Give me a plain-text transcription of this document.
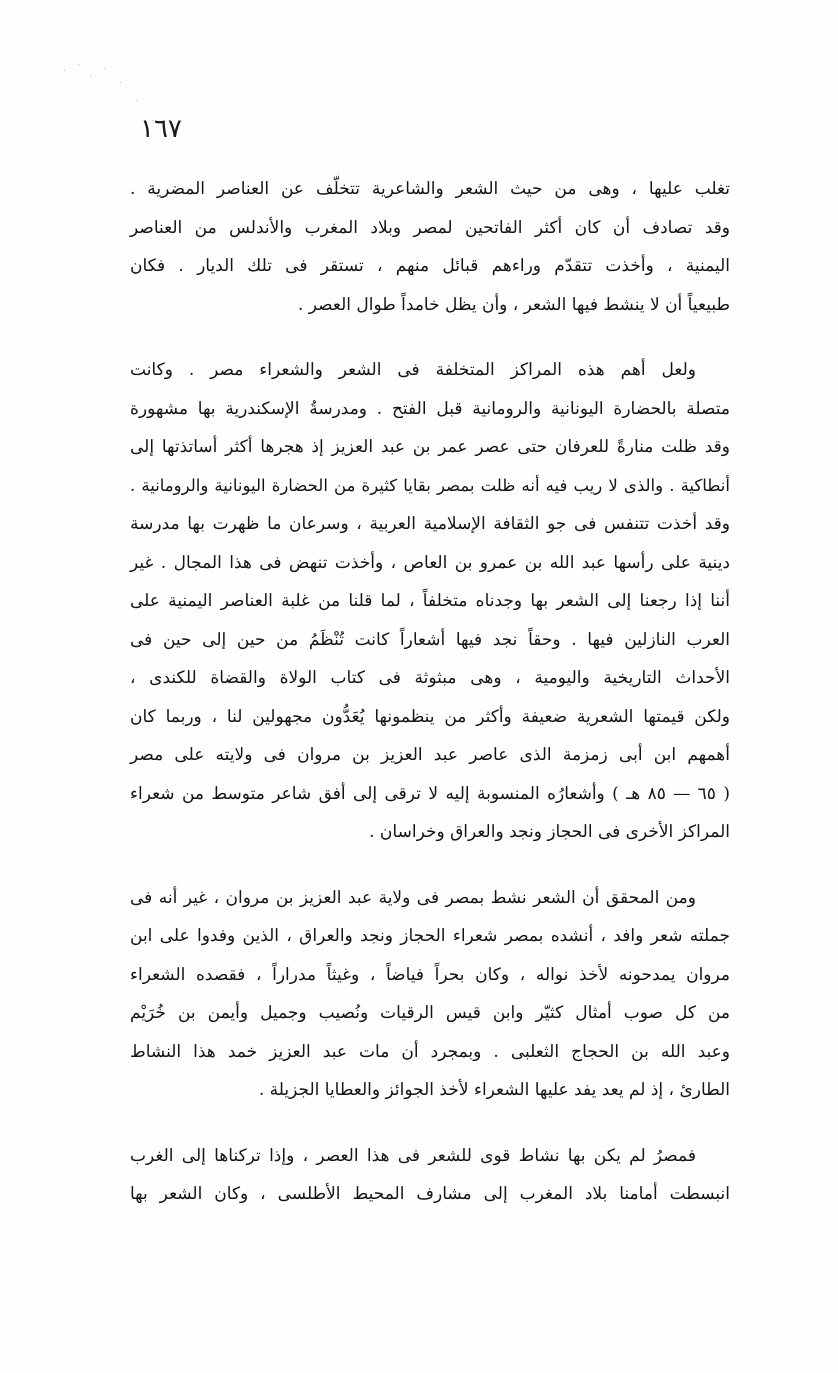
١٦٧
تغلب عليها ، وهى من حيث الشعر والشاعرية تتخلّف عن العناصر المضرية .
وقد تصادف أن كان أكثر الفاتحين لمصر وبلاد المغرب والأندلس من العناصر
اليمنية ، وأخذت تتقدّم وراءهم قبائل منهم ، تستقر فى تلك الديار . فكان
طبيعياً أن لا ينشط فيها الشعر ، وأن يظل خامداً طوال العصر .
ولعل أهم هذه المراكز المتخلفة فى الشعر والشعراء مصر . وكانت
متصلة بالحضارة اليونانية والرومانية قبل الفتح . ومدرسةُ الإسكندرية بها مشهورة
وقد ظلت منارةً للعرفان حتى عصر عمر بن عبد العزيز إذ هجرها أكثر أساتذتها إلى
أنطاكية . والذى لا ريب فيه أنه ظلت بمصر بقايا كثيرة من الحضارة اليونانية والرومانية .
وقد أخذت تتنفس فى جو الثقافة الإسلامية العربية ، وسرعان ما ظهرت بها مدرسة
دينية على رأسها عبد الله بن عمرو بن العاص ، وأخذت تنهض فى هذا المجال . غير
أننا إذا رجعنا إلى الشعر بها وجدناه متخلفاً ، لما قلنا من غلبة العناصر اليمنية على
العرب النازلين فيها . وحقاً نجد فيها أشعاراً كانت تُنْظَمُ من حين إلى حين فى
الأحداث التاريخية واليومية ، وهى مبثوثة فى كتاب الولاة والقضاة للكندى ،
ولكن قيمتها الشعرية ضعيفة وأكثر من ينظمونها يُعَدُّون مجهولين لنا ، وربما كان
أهمهم ابن أبى زمزمة الذى عاصر عبد العزيز بن مروان فى ولايته على مصر
( ٦٥ — ٨٥ هـ ) وأشعارُه المنسوبة إليه لا ترقى إلى أفق شاعر متوسط من شعراء
المراكز الأخرى فى الحجاز ونجد والعراق وخراسان .
ومن المحقق أن الشعر نشط بمصر فى ولاية عبد العزيز بن مروان ، غير أنه فى
جملته شعر وافد ، أنشده بمصر شعراء الحجاز ونجد والعراق ، الذين وفدوا على ابن
مروان يمدحونه لأخذ نواله ، وكان بحراً فياضاً ، وغيثاً مدراراً ، فقصده الشعراء
من كل صوب أمثال كثيّر وابن قيس الرقيات ونُصيب وجميل وأيمن بن خُرَيْم
وعبد الله بن الحجاج الثعلبى . وبمجرد أن مات عبد العزيز خمد هذا النشاط
الطارئ ، إذ لم يعد يفد عليها الشعراء لأخذ الجوائز والعطايا الجزيلة .
فمصرُ لم يكن بها نشاط قوى للشعر فى هذا العصر ، وإذا تركناها إلى الغرب
انبسطت أمامنا بلاد المغرب إلى مشارف المحيط الأطلسى ، وكان الشعر بها
